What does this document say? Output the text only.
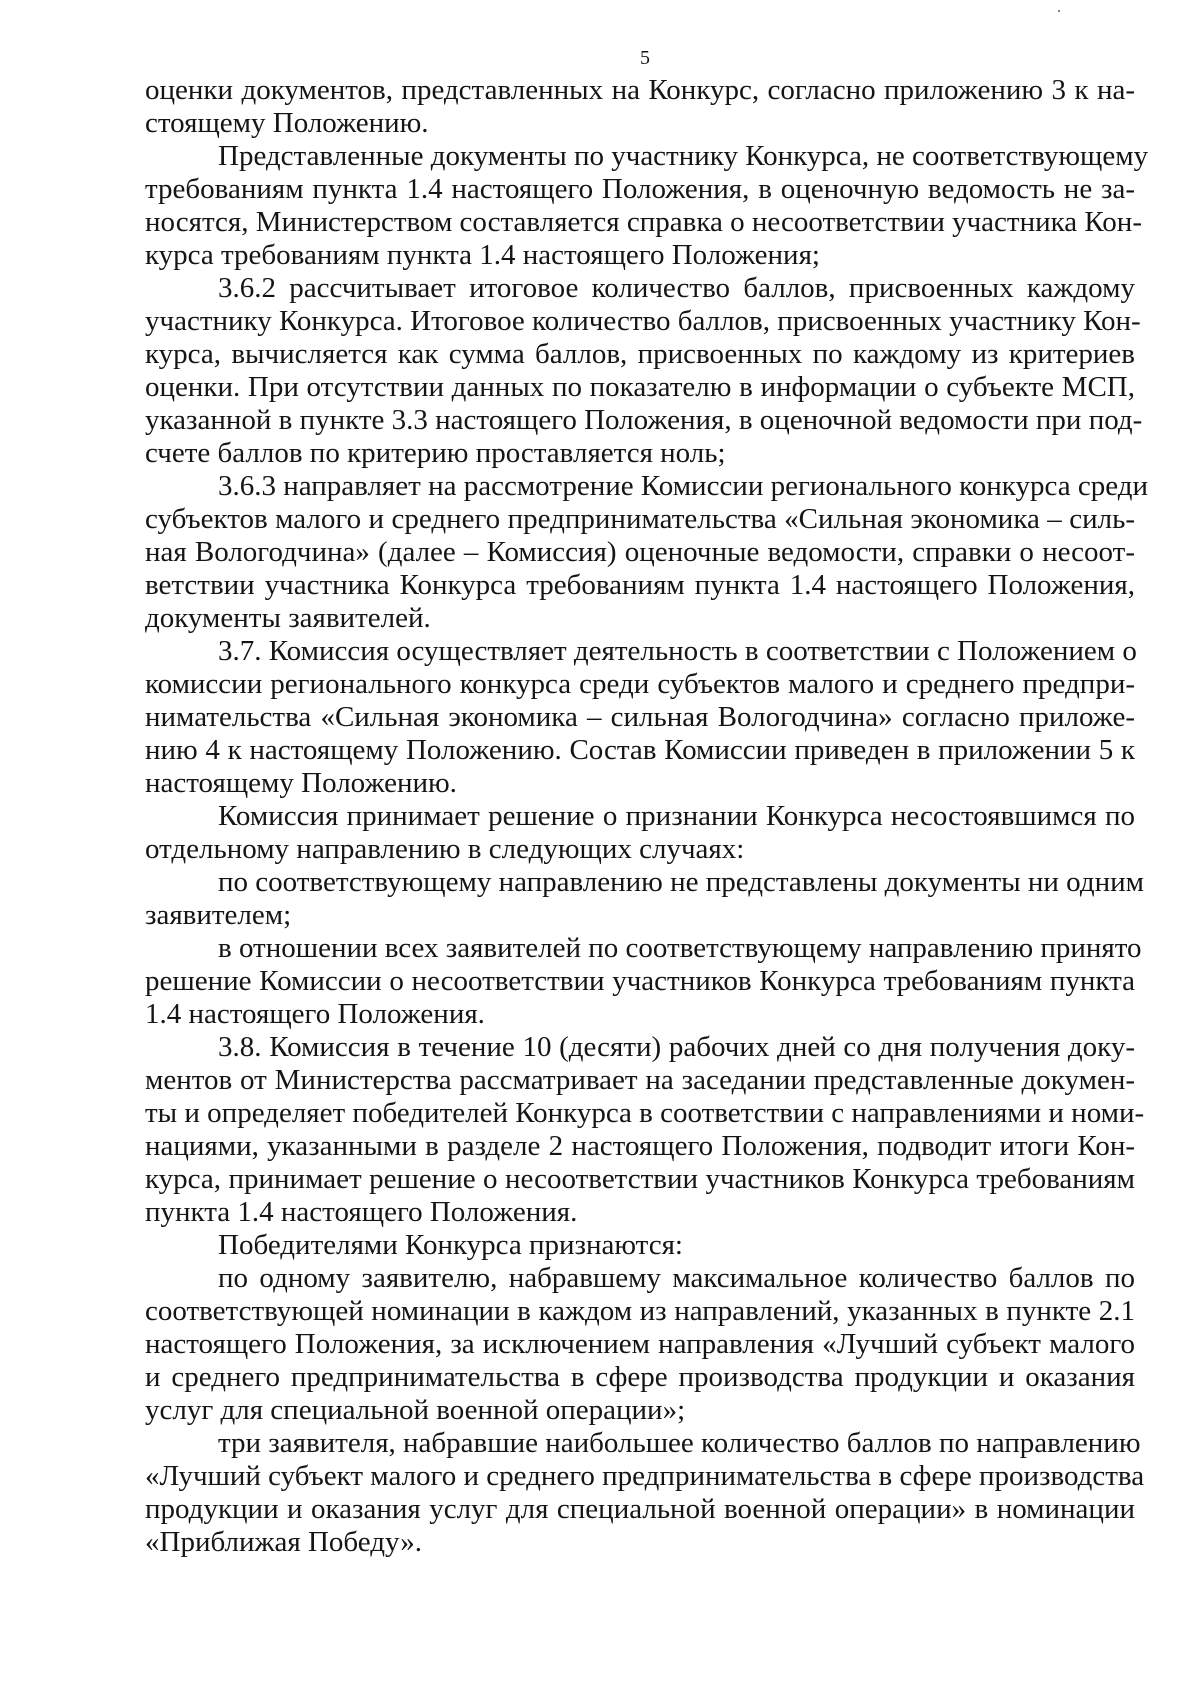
5
оценки документов, представленных на Конкурс, согласно приложению 3 к на-
стоящему Положению.
Представленные документы по участнику Конкурса, не соответствующему
требованиям пункта 1.4 настоящего Положения, в оценочную ведомость не за-
носятся, Министерством составляется справка о несоответствии участника Кон-
курса требованиям пункта 1.4 настоящего Положения;
3.6.2 рассчитывает итоговое количество баллов, присвоенных каждому
участнику Конкурса. Итоговое количество баллов, присвоенных участнику Кон-
курса, вычисляется как сумма баллов, присвоенных по каждому из критериев
оценки. При отсутствии данных по показателю в информации о субъекте МСП,
указанной в пункте 3.3 настоящего Положения, в оценочной ведомости при под-
счете баллов по критерию проставляется ноль;
3.6.3 направляет на рассмотрение Комиссии регионального конкурса среди
субъектов малого и среднего предпринимательства «Сильная экономика – силь-
ная Вологодчина» (далее – Комиссия) оценочные ведомости, справки о несоот-
ветствии участника Конкурса требованиям пункта 1.4 настоящего Положения,
документы заявителей.
3.7. Комиссия осуществляет деятельность в соответствии с Положением о
комиссии регионального конкурса среди субъектов малого и среднего предпри-
нимательства «Сильная экономика – сильная Вологодчина» согласно приложе-
нию 4 к настоящему Положению. Состав Комиссии приведен в приложении 5 к
настоящему Положению.
Комиссия принимает решение о признании Конкурса несостоявшимся по
отдельному направлению в следующих случаях:
по соответствующему направлению не представлены документы ни одним
заявителем;
в отношении всех заявителей по соответствующему направлению принято
решение Комиссии о несоответствии участников Конкурса требованиям пункта
1.4 настоящего Положения.
3.8. Комиссия в течение 10 (десяти) рабочих дней со дня получения доку-
ментов от Министерства рассматривает на заседании представленные докумен-
ты и определяет победителей Конкурса в соответствии с направлениями и номи-
нациями, указанными в разделе 2 настоящего Положения, подводит итоги Кон-
курса, принимает решение о несоответствии участников Конкурса требованиям
пункта 1.4 настоящего Положения.
Победителями Конкурса признаются:
по одному заявителю, набравшему максимальное количество баллов по
соответствующей номинации в каждом из направлений, указанных в пункте 2.1
настоящего Положения, за исключением направления «Лучший субъект малого
и среднего предпринимательства в сфере производства продукции и оказания
услуг для специальной военной операции»;
три заявителя, набравшие наибольшее количество баллов по направлению
«Лучший субъект малого и среднего предпринимательства в сфере производства
продукции и оказания услуг для специальной военной операции» в номинации
«Приближая Победу».
